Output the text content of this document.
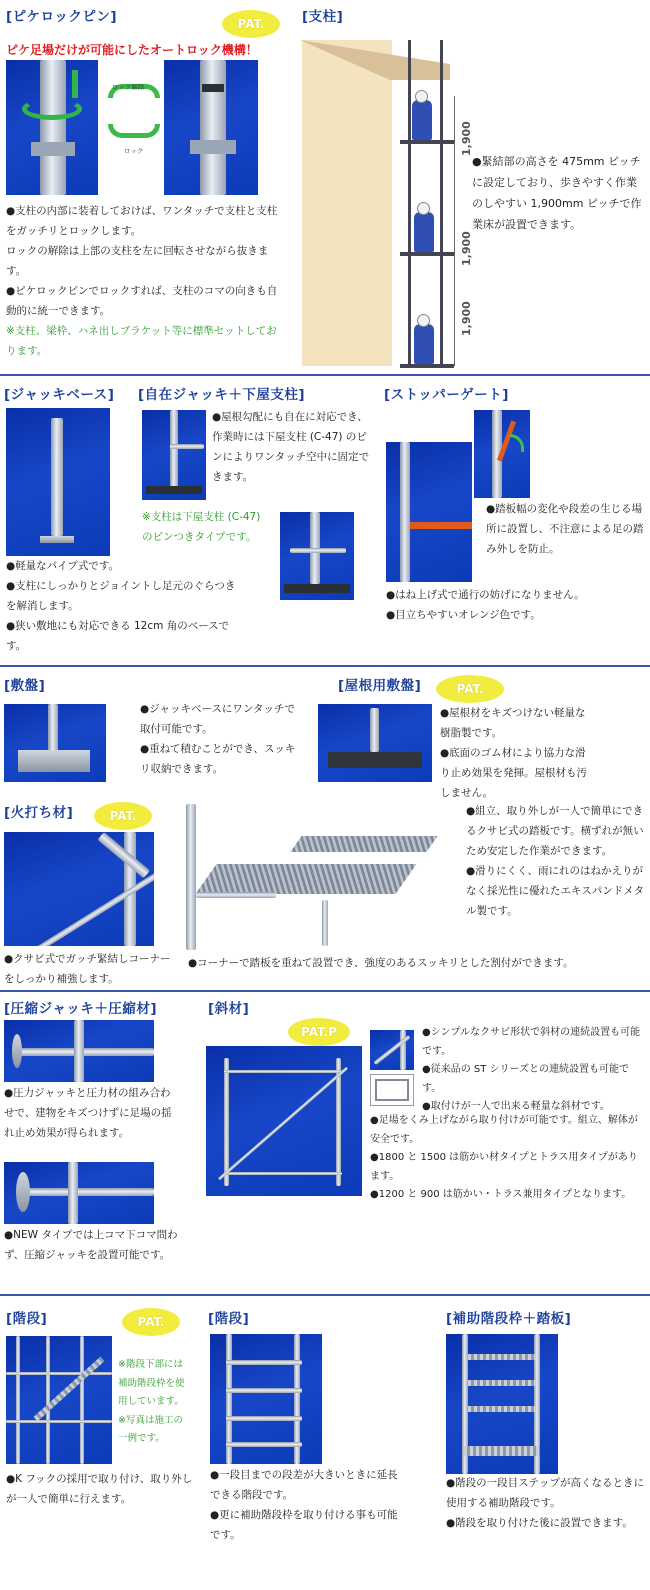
[ピケロックピン]	PAT.
ピケ足場だけが可能にしたオートロック機構！
ロック解除
ロック

●支柱の内部に装着しておけば、ワンタッチで支柱と支柱をガッチリとロックします。

ロックの解除は上部の支柱を左に回転させながら抜きます。

●ピケロックピンでロックすれば、支柱のコマの向きも自動的に統一できます。

※支柱、梁枠、ハネ出しブラケット等に標準セットしております。

[支柱]
1,900
1,900
1,900
●緊結部の高さを 475mm ピッチに設定しており、歩きやすく作業のしやすい 1,900mm ピッチで作業床が設置できます。
[ジャッキベース]

●軽量なパイプ式です。

●支柱にしっかりとジョイントし足元のぐらつきを解消します。

●狭い敷地にも対応できる 12cm 角のベースです。

[自在ジャッキ＋下屋支柱]
●屋根勾配にも自在に対応でき、作業時には下屋支柱 (C-47) のピンによりワンタッチ空中に固定できます。
※支柱は下屋支柱 (C-47) のピンつきタイプです。
[ストッパーゲート]
●踏板幅の変化や段差の生じる場所に設置し、不注意による足の踏み外しを防止。

●はね上げ式で通行の妨げになりません。

●目立ちやすいオレンジ色です。

[敷盤]

●ジャッキベースにワンタッチで取付可能です。

●重ねて積むことができ、スッキリ収納できます。

[屋根用敷盤]	PAT.

●屋根材をキズつけない軽量な樹脂製です。

●底面のゴム材により協力な滑り止め効果を発揮。屋根材も汚しません。

[火打ち材]	PAT.
●クサビ式でガッチ緊結しコーナーをしっかり補強します。

●組立、取り外しが一人で簡単にできるクサビ式の踏板です。横ずれが無いため安定した作業ができます。

●滑りにくく、雨にれのはねかえりがなく採光性に優れたエキスパンドメタル製です。

●コーナーで踏板を重ねて設置でき、強度のあるスッキリとした割付ができます。
[圧縮ジャッキ＋圧縮材]
●圧力ジャッキと圧力材の組み合わせで、建物をキズつけずに足場の揺れ止め効果が得られます。
●NEW タイプでは上コマ下コマ問わず、圧縮ジャッキを設置可能です。
[斜材]
PAT.P	●シンプルなクサビ形状で斜材の連続設置も可能です。

●従来品の ST シリーズとの連続設置も可能です。

●取付けが一人で出来る軽量な斜材です。

●足場をくみ上げながら取り付けが可能です。組立、解体が安全です。

●1800 と 1500 は筋かい材タイプとトラス用タイプがあります。

●1200 と 900 は筋かい・トラス兼用タイプとなります。

[階段]	PAT.
※階段下部には補助階段枠を使用しています。※写真は施工の一例です。
●K フックの採用で取り付け、取り外しが一人で簡単に行えます。
[階段]

●一段目までの段差が大きいときに延長できる階段です。

●更に補助階段枠を取り付ける事も可能です。

[補助階段枠＋踏板]

●階段の一段目ステップが高くなるときに使用する補助階段です。

●階段を取り付けた後に設置できます。
